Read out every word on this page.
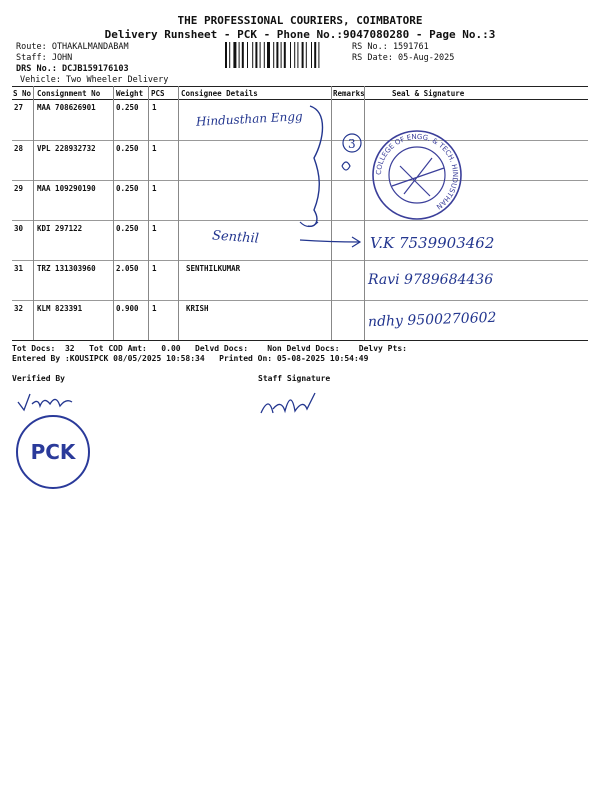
THE PROFESSIONAL COURIERS, COIMBATORE
Delivery Runsheet - PCK - Phone No.:9047080280 - Page No.:3
Route: OTHAKALMANDABAM
Staff: JOHN
DRS No.: DCJB159176103
Vehicle: Two Wheeler Delivery
RS No.: 1591761
RS Date: 05-Aug-2025
S No Consignment No Weight PCS Consignee Details	Remarks	Seal & Signature
27 MAA 708626901	0.250 1
28 VPL 228932732	0.250 1
29 MAA 109290190	0.250 1
30 KDI 297122	0.250 1
31 TRZ 131303960	2.050 1	SENTHILKUMAR
32 KLM 823391	0.900 1	KRISH
Hindusthan Engg
Senthil	V.K 7539903462
Ravi 9789684436
ndhy 9500270602
3
COLLEGE OF ENGG. & TECH. HINDUSTHAN
Tot Docs:  32   Tot COD Amt:   0.00   Delvd Docs:    Non Delvd Docs:    Delvy Pts:
Entered By :KOUSIPCK 08/05/2025 10:58:34   Printed On: 05-08-2025 10:54:49
Verified By	Staff Signature
PCK
